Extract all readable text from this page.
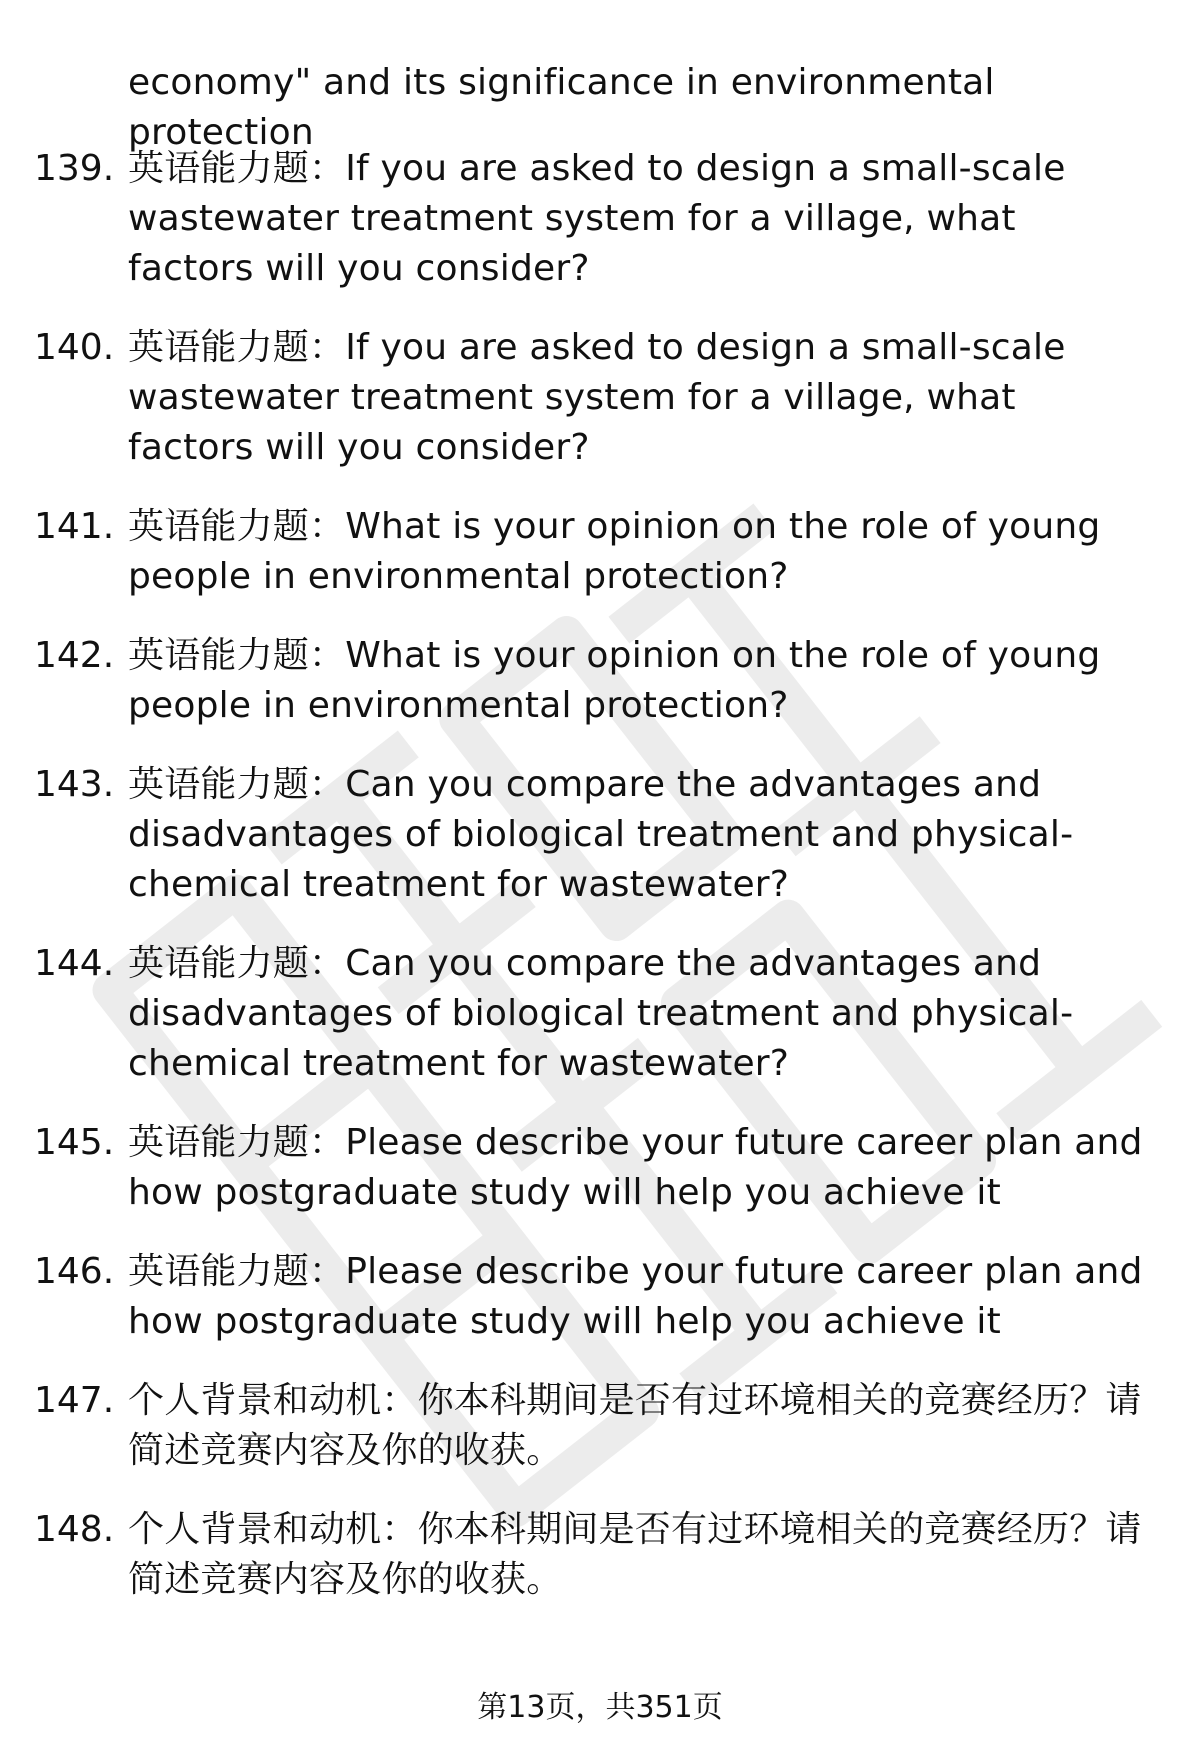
economy" and its significance in environmental protection
139. 英语能力题：If you are asked to design a small-scale wastewater treatment system for a village, what factors will you consider?
140. 英语能力题：If you are asked to design a small-scale wastewater treatment system for a village, what factors will you consider?
141. 英语能力题：What is your opinion on the role of young people in environmental protection?
142. 英语能力题：What is your opinion on the role of young people in environmental protection?
143. 英语能力题：Can you compare the advantages and disadvantages of biological treatment and physical-chemical treatment for wastewater?
144. 英语能力题：Can you compare the advantages and disadvantages of biological treatment and physical-chemical treatment for wastewater?
145. 英语能力题：Please describe your future career plan and how postgraduate study will help you achieve it
146. 英语能力题：Please describe your future career plan and how postgraduate study will help you achieve it
147. 个人背景和动机：你本科期间是否有过环境相关的竞赛经历？请简述竞赛内容及你的收获。
148. 个人背景和动机：你本科期间是否有过环境相关的竞赛经历？请简述竞赛内容及你的收获。
第13页，共351页
